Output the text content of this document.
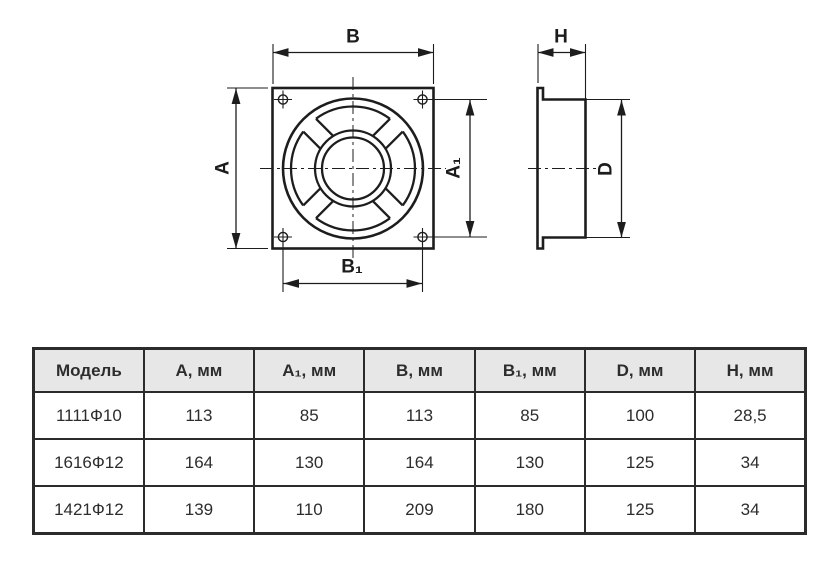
B
A	A₁
B₁
H
D
Модель	A, мм	A₁, мм	B, мм	B₁, мм	D, мм	H, мм
1111Ф10	113	85	113	85	100	28,5
1616Ф12	164	130	164	130	125	34
1421Ф12	139	110	209	180	125	34
